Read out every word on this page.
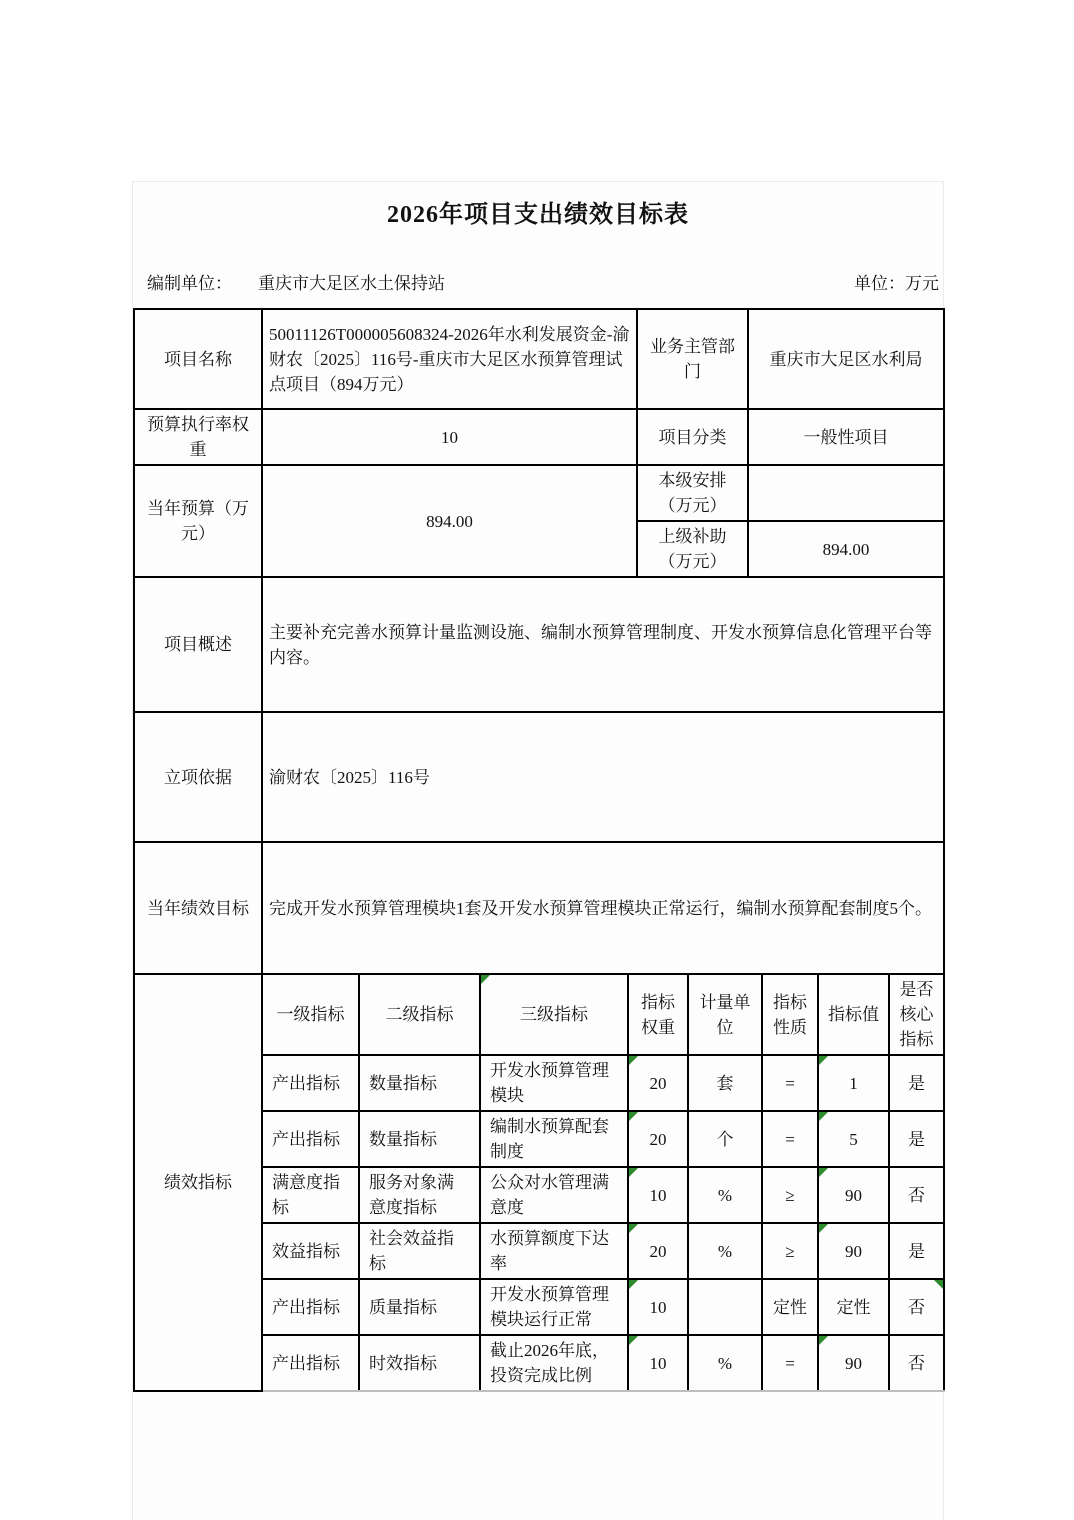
2026年项目支出绩效目标表
编制单位： 重庆市大足区水土保持站	单位：万元
项目名称	50011126T000005608324-2026年水利发展资金-渝财农〔2025〕116号-重庆市大足区水预算管理试点项目（894万元）	业务主管部门	重庆市大足区水利局
预算执行率权重	10	项目分类	一般性项目
当年预算（万元）	894.00	本级安排（万元）	
		上级补助（万元）	894.00
项目概述	主要补充完善水预算计量监测设施、编制水预算管理制度、开发水预算信息化管理平台等内容。		
立项依据	渝财农〔2025〕116号		
当年绩效目标	完成开发水预算管理模块1套及开发水预算管理模块正常运行，编制水预算配套制度5个。		
绩效指标	一级指标	二级指标	三级指标	指标权重	计量单位	指标性质	指标值	是否核心指标
	产出指标	数量指标	开发水预算管理模块	20	套	=	1	是
	产出指标	数量指标	编制水预算配套制度	20	个	=	5	是
	满意度指标	服务对象满意度指标	公众对水管理满意度	10	%	≥	90	否
	效益指标	社会效益指标	水预算额度下达率	20	%	≥	90	是
	产出指标	质量指标	开发水预算管理模块运行正常	10		定性	定性	否
	产出指标	时效指标	截止2026年底，投资完成比例	10	%	=	90	否
